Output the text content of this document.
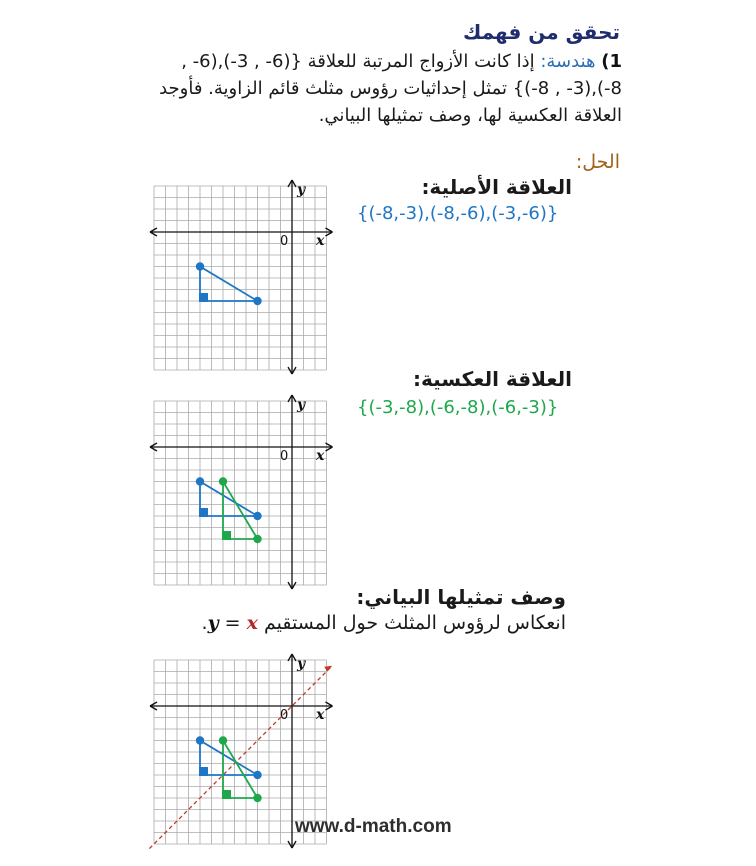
تحقق من فهمك
1) هندسة: إذا كانت الأزواج المرتبة للعلاقة {(6- , 3-),(6- , 8-),(3- , 8-)} تمثل إحداثيات رؤوس مثلث قائم الزاوية. فأوجد العلاقة العكسية لها، وصف تمثيلها البياني.
الحل:
العلاقة الأصلية:
{(-8,-3),(-8,-6),(-3,-6)}
العلاقة العكسية:
{(-3,-8),(-6,-8),(-6,-3)}
وصف تمثيلها البياني:
انعكاس لرؤوس المثلث حول المستقيم y = x.
x
y
0
x
y
0
x
y
0
www.d-math.com
